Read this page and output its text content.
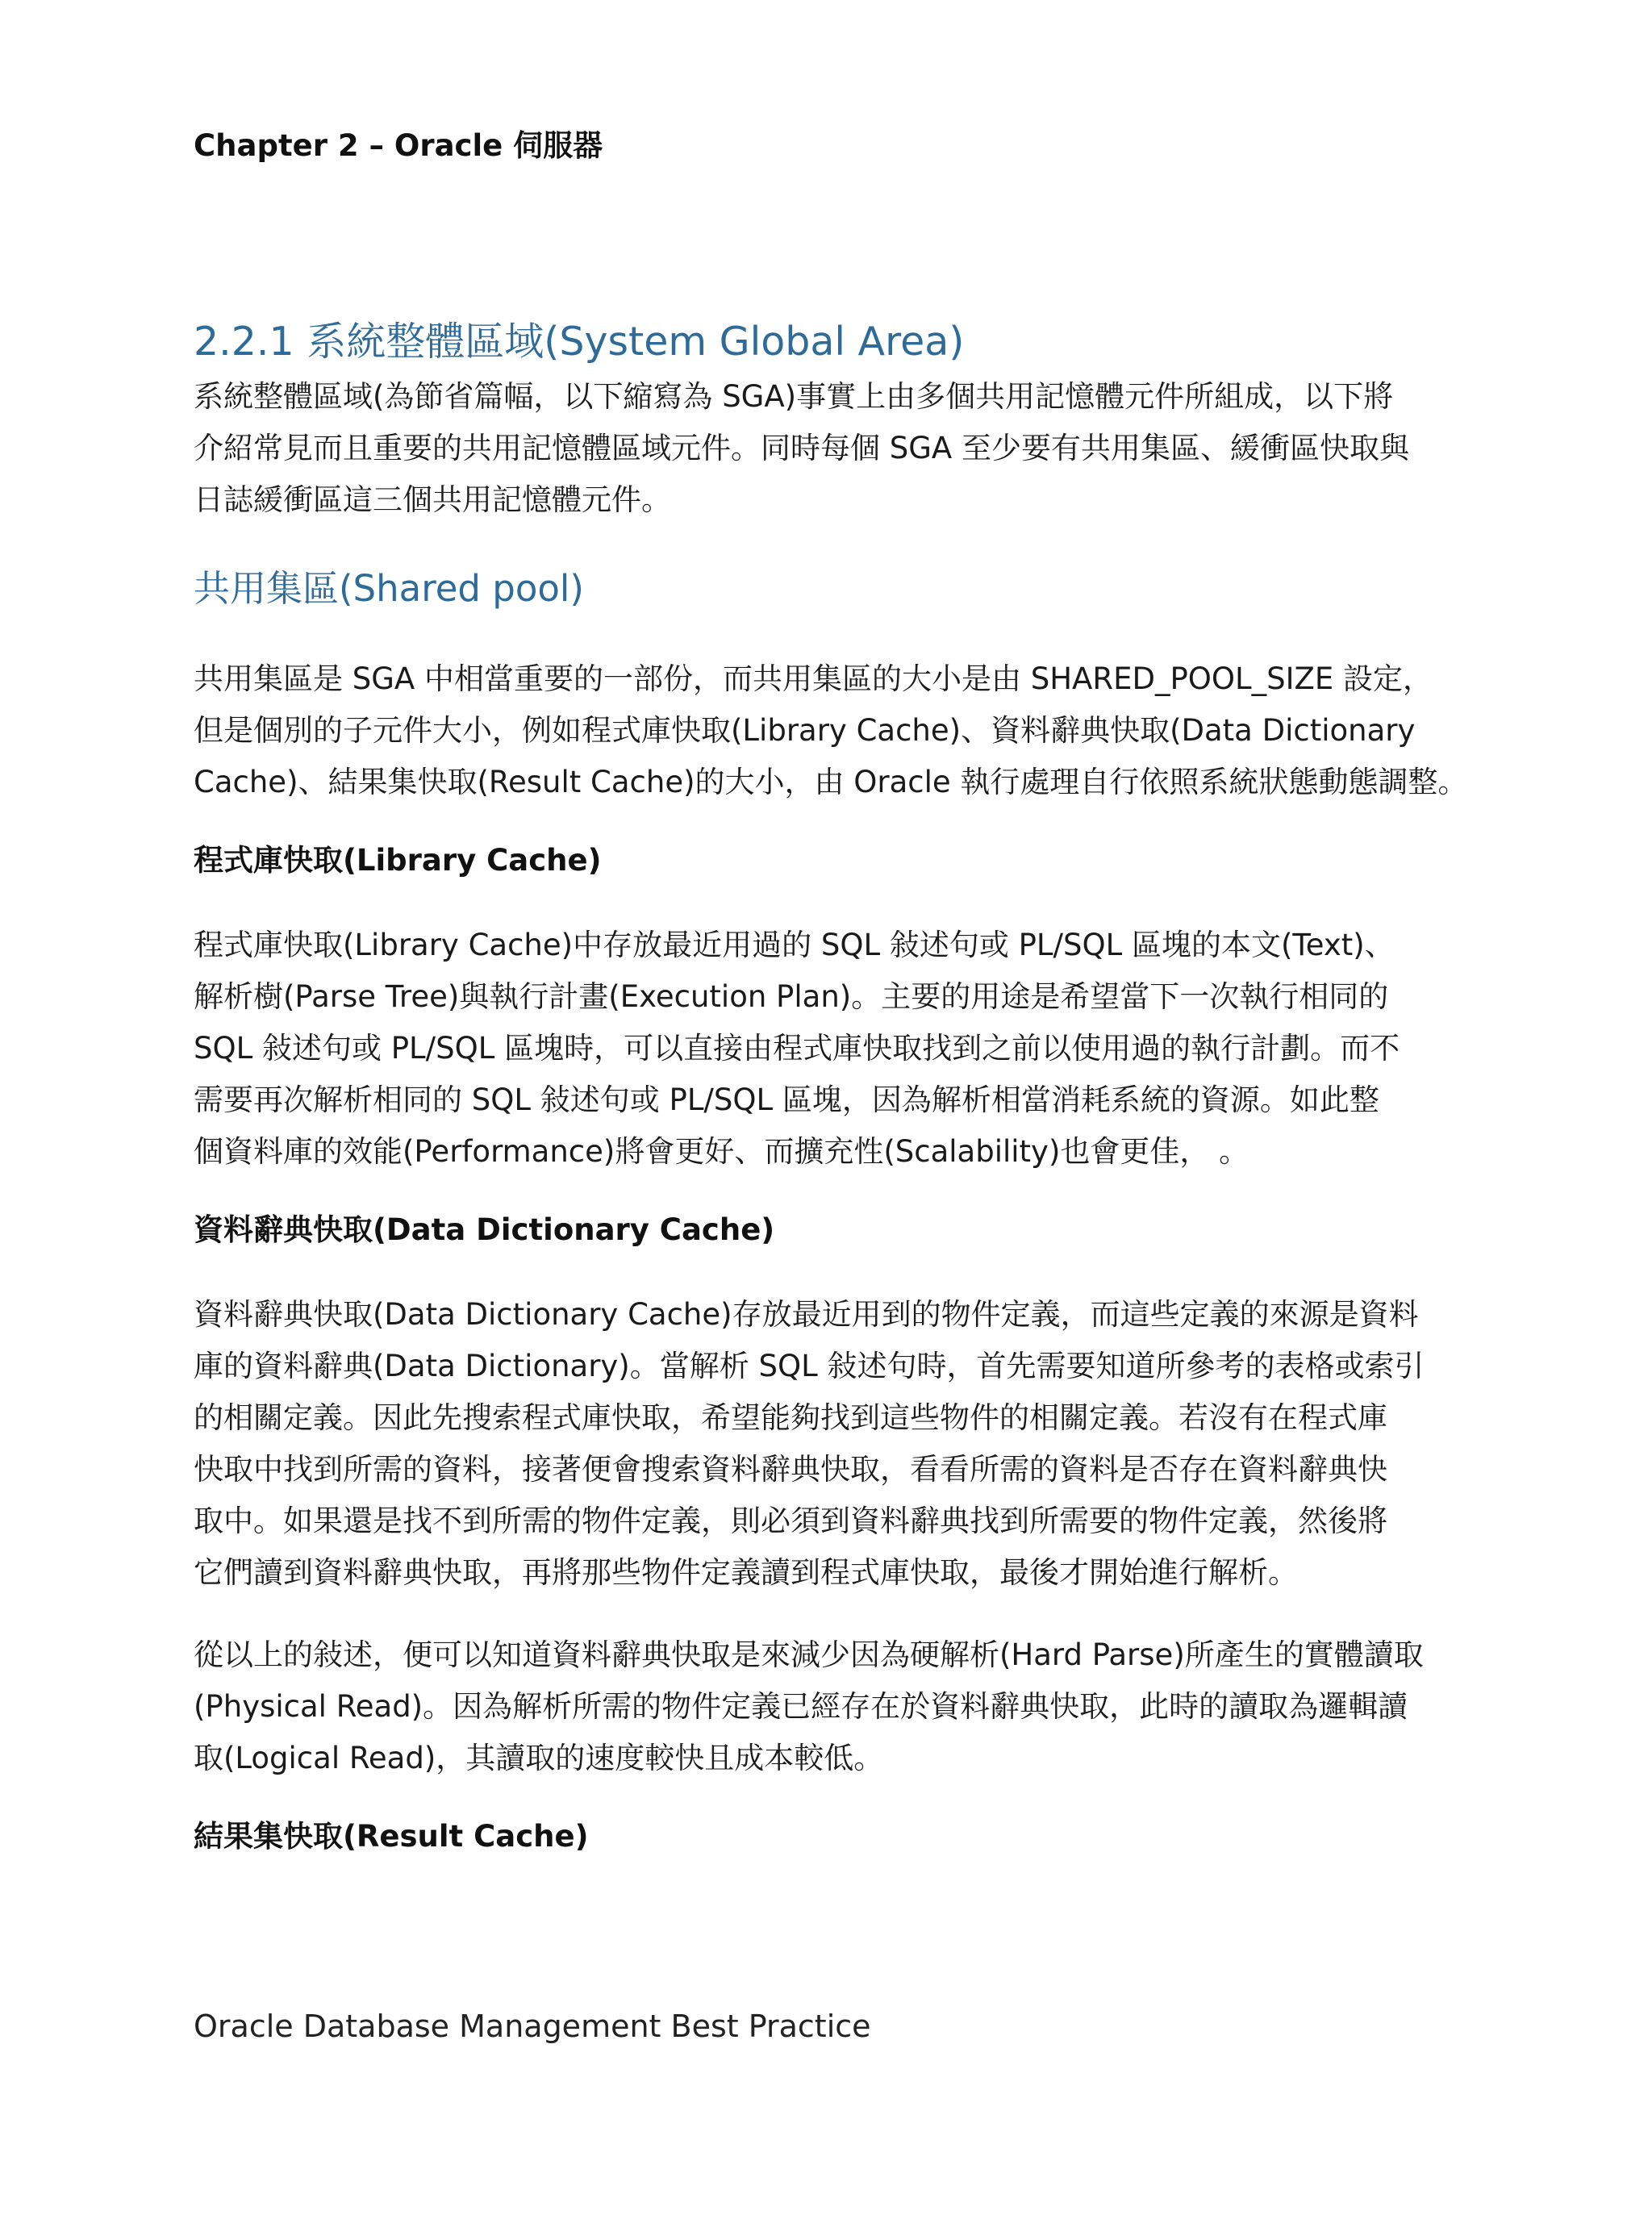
Chapter 2 – Oracle 伺服器
2.2.1 系統整體區域(System Global Area)

系統整體區域(為節省篇幅，以下縮寫為 SGA)事實上由多個共用記憶體元件所組成，以下將
介紹常見而且重要的共用記憶體區域元件。同時每個 SGA 至少要有共用集區、緩衝區快取與
日誌緩衝區這三個共用記憶體元件。

共用集區(Shared pool)

共用集區是 SGA 中相當重要的一部份，而共用集區的大小是由 SHARED_POOL_SIZE 設定，
但是個別的子元件大小，例如程式庫快取(Library Cache)、資料辭典快取(Data Dictionary
Cache)、結果集快取(Result Cache)的大小，由 Oracle 執行處理自行依照系統狀態動態調整。

程式庫快取(Library Cache)

程式庫快取(Library Cache)中存放最近用過的 SQL 敍述句或 PL/SQL 區塊的本文(Text)、
解析樹(Parse Tree)與執行計畫(Execution Plan)。主要的用途是希望當下一次執行相同的
SQL 敍述句或 PL/SQL 區塊時，可以直接由程式庫快取找到之前以使用過的執行計劃。而不
需要再次解析相同的 SQL 敍述句或 PL/SQL 區塊，因為解析相當消耗系統的資源。如此整
個資料庫的效能(Performance)將會更好、而擴充性(Scalability)也會更佳， 。

資料辭典快取(Data Dictionary Cache)

資料辭典快取(Data Dictionary Cache)存放最近用到的物件定義，而這些定義的來源是資料
庫的資料辭典(Data Dictionary)。當解析 SQL 敍述句時，首先需要知道所參考的表格或索引
的相關定義。因此先搜索程式庫快取，希望能夠找到這些物件的相關定義。若沒有在程式庫
快取中找到所需的資料，接著便會搜索資料辭典快取，看看所需的資料是否存在資料辭典快
取中。如果還是找不到所需的物件定義，則必須到資料辭典找到所需要的物件定義，然後將
它們讀到資料辭典快取，再將那些物件定義讀到程式庫快取，最後才開始進行解析。

從以上的敍述，便可以知道資料辭典快取是來減少因為硬解析(Hard Parse)所產生的實體讀取
(Physical Read)。因為解析所需的物件定義已經存在於資料辭典快取，此時的讀取為邏輯讀
取(Logical Read)，其讀取的速度較快且成本較低。

結果集快取(Result Cache)
Oracle Database Management Best Practice
